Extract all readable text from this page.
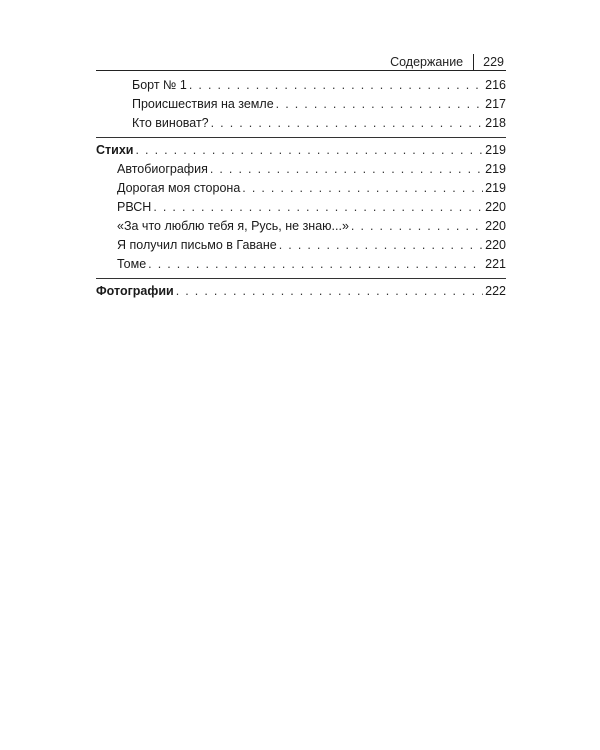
Содержание 229
Борт № 1 . . .	216
Происшествия на земле . . .	217
Кто виноват? . . .	218
Стихи . . .	219
Автобиография . . .	219
Дорогая моя сторона . . .	219
РВСН . . .	220
«За что люблю тебя я, Русь, не знаю...» . . .	220
Я получил письмо в Гаване . . .	220
Томе . . .	221
Фотографии . . .	222
